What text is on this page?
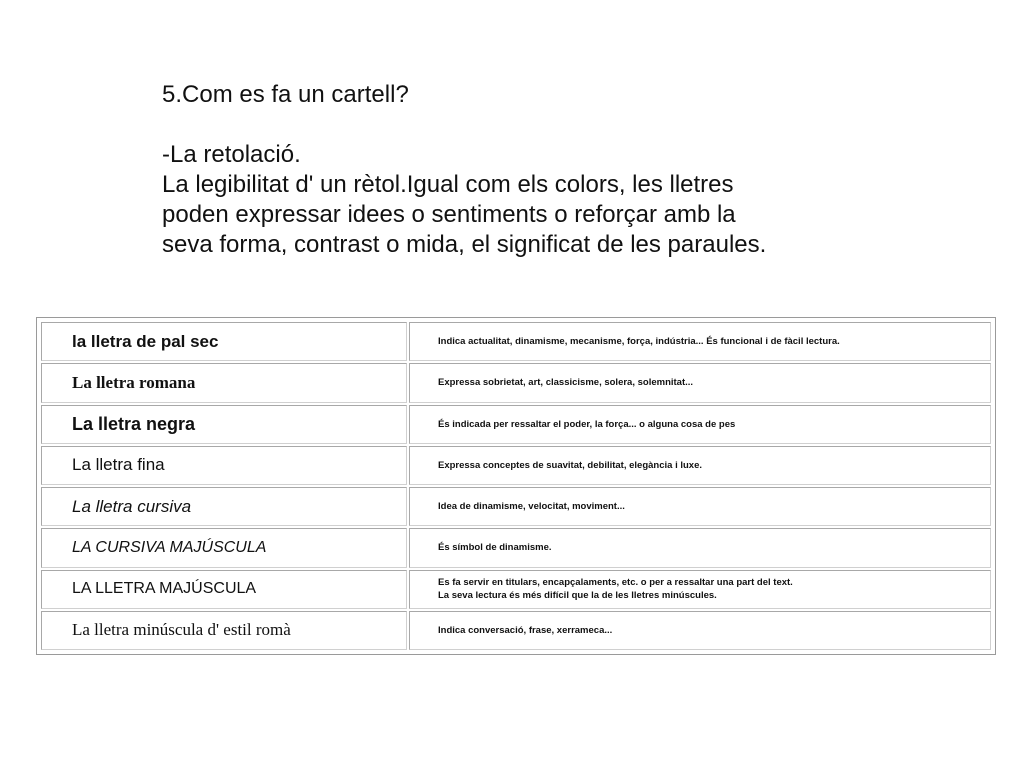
5.Com es fa un cartell?
-La retolació.
La legibilitat d' un rètol.Igual com els colors, les lletres
poden expressar idees o sentiments o reforçar amb la
seva forma, contrast o mida, el significat de les paraules.
la lletra de pal sec	Indica actualitat, dinamisme, mecanisme, força, indústria... És funcional i de fàcil lectura.

La lletra romana	Expressa sobrietat, art, classicisme, solera, solemnitat...

La lletra negra	És indicada per ressaltar el poder, la força... o alguna cosa de pes

La lletra fina	Expressa conceptes de suavitat, debilitat, elegància i luxe.

La lletra cursiva	Idea de dinamisme, velocitat, moviment...

LA CURSIVA MAJÚSCULA	És símbol de dinamisme.

LA LLETRA MAJÚSCULA	Es fa servir en titulars, encapçalaments, etc. o per a ressaltar una part del text.
La seva lectura és més difícil que la de les lletres minúscules.

La lletra minúscula d' estil romà	Indica conversació, frase, xerrameca...
